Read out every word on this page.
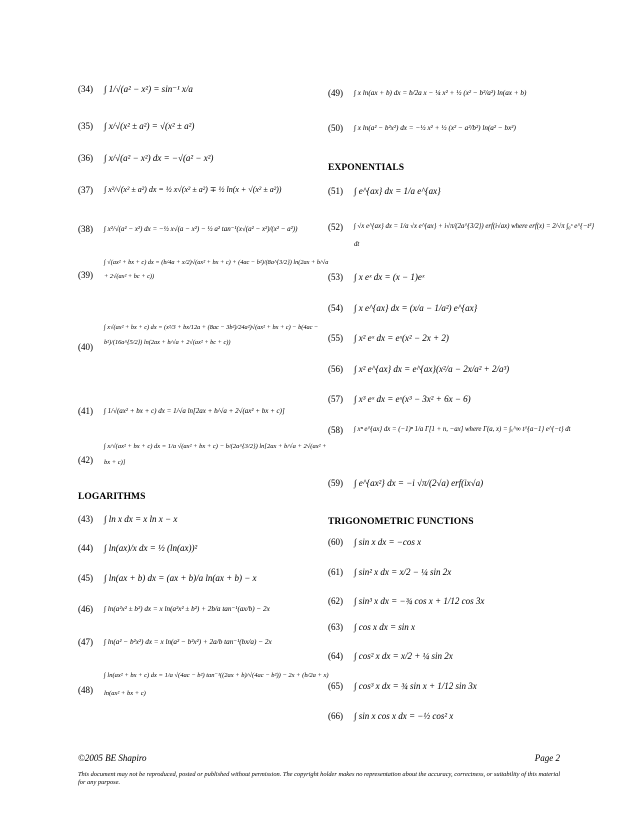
(34) ∫ 1/√(a² − x²) = sin⁻¹ x/a
(35) ∫ x/√(x² ± a²) = √(x² ± a²)
(36) ∫ x/√(a² − x²) dx = −√(a² − x²)
(37) ∫ x²/√(x² ± a²) dx = ½ x√(x² ± a²) ∓ ½ ln(x + √(x² ± a²))
(38) ∫ x²/√(a² − x²) dx = −½ x√(a − x²) − ½ a² tan⁻¹(x√(a² − x²)/(x² − a²))
(39)
∫ √(ax² + bx + c) dx = (b/4a + x/2)√(ax² + bx + c) + (4ac − b²)/(8a^{3/2}) ln(2ax + b/√a + 2√(ax² + bc + c))
(40)
∫ x√(ax² + bx + c) dx = (x²/3 + bx/12a + (8ac − 3b²)/24a²)√(ax² + bx + c) − b(4ac − b²)/(16a^{5/2}) ln(2ax + b/√a + 2√(ax² + bc + c))
(41) ∫ 1/√(ax² + bx + c) dx = 1/√a ln[2ax + b/√a + 2√(ax² + bx + c)]
(42)
∫ x/√(ax² + bx + c) dx = 1/a √(ax² + bx + c) − b/(2a^{3/2}) ln[2ax + b/√a + 2√(ax² + bx + c)]
LOGARITHMS
(43) ∫ ln x dx = x ln x − x
(44) ∫ ln(ax)/x dx = ½ (ln(ax))²
(45) ∫ ln(ax + b) dx = (ax + b)/a ln(ax + b) − x
(46) ∫ ln(a²x² ± b²) dx = x ln(a²x² ± b²) + 2b/a tan⁻¹(ax/b) − 2x
(47) ∫ ln(a² − b²x²) dx = x ln(a² − b²x²) + 2a/b tan⁻¹(bx/a) − 2x
(48)
∫ ln(ax² + bx + c) dx = 1/a √(4ac − b²) tan⁻¹((2ax + b)/√(4ac − b²)) − 2x + (b/2a + x) ln(ax² + bx + c)
(49) ∫ x ln(ax + b) dx = b/2a x − ¼ x² + ½ (x² − b²/a²) ln(ax + b)
(50) ∫ x ln(a² − b²x²) dx = −½ x² + ½ (x² − a²/b²) ln(a² − bx²)
EXPONENTIALS
(51) ∫ e^{ax} dx = 1/a e^{ax}
(52) ∫ √x e^{ax} dx = 1/a √x e^{ax} + i√π/(2a^{3/2}) erf(i√ax) where erf(x) = 2/√π ∫₀ˣ e^{−t²} dt
(53) ∫ x eˣ dx = (x − 1)eˣ
(54) ∫ x e^{ax} dx = (x/a − 1/a²) e^{ax}
(55) ∫ x² eˣ dx = eˣ(x² − 2x + 2)
(56) ∫ x² e^{ax} dx = e^{ax}(x²/a − 2x/a² + 2/a³)
(57) ∫ x³ eˣ dx = eˣ(x³ − 3x² + 6x − 6)
(58) ∫ xⁿ e^{ax} dx = (−1)ⁿ 1/a Γ[1 + n, −ax] where Γ(a, x) = ∫ₓ^∞ t^{a−1} e^{−t} dt
(59) ∫ e^{ax²} dx = −i √π/(2√a) erf(ix√a)
TRIGONOMETRIC FUNCTIONS
(60) ∫ sin x dx = −cos x
(61) ∫ sin² x dx = x/2 − ¼ sin 2x
(62) ∫ sin³ x dx = −¾ cos x + 1/12 cos 3x
(63) ∫ cos x dx = sin x
(64) ∫ cos² x dx = x/2 + ¼ sin 2x
(65) ∫ cos³ x dx = ¾ sin x + 1/12 sin 3x
(66) ∫ sin x cos x dx = −½ cos² x
©2005 BE Shapiro	Page 2
This document may not be reproduced, posted or published without permission. The copyright holder makes no representation about the accuracy, correctness, or suitability of this material for any purpose.
